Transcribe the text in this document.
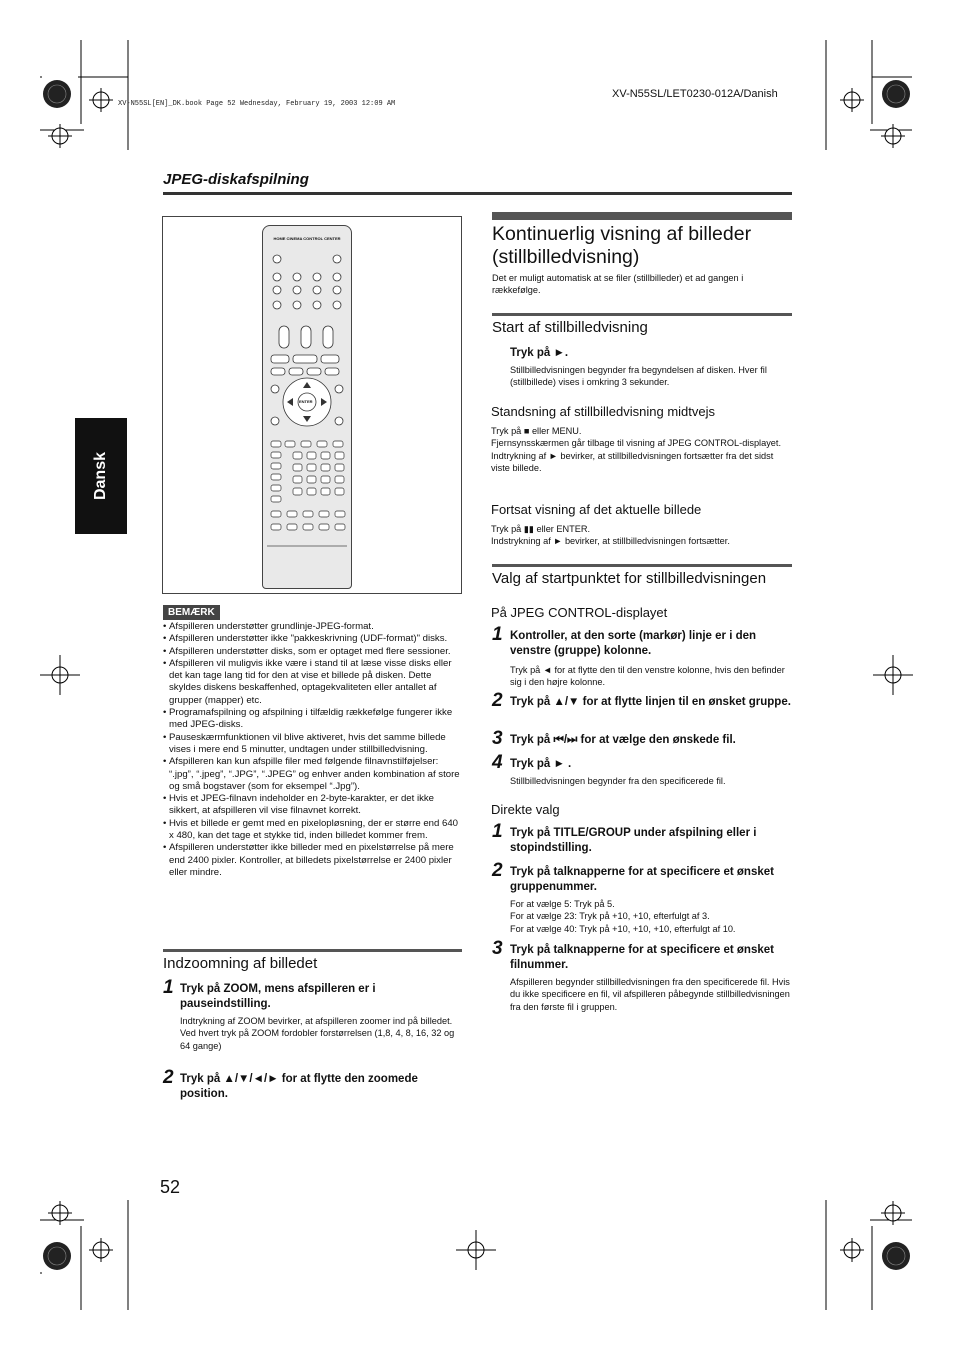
XV-N55SL/LET0230-012A/Danish
XV-N55SL[EN]_DK.book Page 52 Wednesday, February 19, 2003 12:09 AM
JPEG-diskafspilning
Dansk
HOME CINEMA CONTROL CENTER
ENTER
BEMÆRK
• Afspilleren understøtter grundlinje-JPEG-format.
• Afspilleren understøtter ikke "pakkeskrivning (UDF-format)" disks.
• Afspilleren understøtter disks, som er optaget med flere sessioner.
• Afspilleren vil muligvis ikke være i stand til at læse visse disks eller det kan tage lang tid for den at vise et billede på disken. Dette skyldes diskens beskaffenhed, optagekvaliteten eller antallet af grupper (mapper) etc.
• Programafspilning og afspilning i tilfældig rækkefølge fungerer ikke med JPEG-disks.
• Pauseskærmfunktionen vil blive aktiveret, hvis det samme billede vises i mere end 5 minutter, undtagen under stillbilledvisning.
• Afspilleren kan kun afspille filer med følgende filnavnstilføjelser: “.jpg”, “.jpeg”, “.JPG”, “.JPEG” og enhver anden kombination af store og små bogstaver (som for eksempel “.Jpg”).
• Hvis et JPEG-filnavn indeholder en 2-byte-karakter, er det ikke sikkert, at afspilleren vil vise filnavnet korrekt.
• Hvis et billede er gemt med en pixelopløsning, der er større end 640 x 480, kan det tage et stykke tid, inden billedet kommer frem.
• Afspilleren understøtter ikke billeder med en pixelstørrelse på mere end 2400 pixler. Kontroller, at billedets pixelstørrelse er 2400 pixler eller mindre.
Indzoomning af billedet
1 Tryk på ZOOM, mens afspilleren er i pauseindstilling.
Indtrykning af ZOOM bevirker, at afspilleren zoomer ind på billedet.
Ved hvert tryk på ZOOM fordobler forstørrelsen (1,8, 4, 8, 16, 32 og 64 gange)
2 Tryk på ▲/▼/◄/► for at flytte den zoomede position.
Kontinuerlig visning af billeder (stillbilledvisning)
Det er muligt automatisk at se filer (stillbilleder) et ad gangen i rækkefølge.
Start af stillbilledvisning
Tryk på ►.
Stillbilledvisningen begynder fra begyndelsen af disken. Hver fil (stillbillede) vises i omkring 3 sekunder.
Standsning af stillbilledvisning midtvejs
Tryk på ■ eller MENU.
Fjernsynsskærmen går tilbage til visning af JPEG CONTROL-displayet.
Indtrykning af ► bevirker, at stillbilledvisningen fortsætter fra det sidst viste billede.
Fortsat visning af det aktuelle billede
Tryk på ▮▮ eller ENTER.
Indstrykning af ► bevirker, at stillbilledvisningen fortsætter.
Valg af startpunktet for stillbilledvisningen
På JPEG CONTROL-displayet
1 Kontroller, at den sorte (markør) linje er i den venstre (gruppe) kolonne.
Tryk på ◄ for at flytte den til den venstre kolonne, hvis den befinder sig i den højre kolonne.
2 Tryk på ▲/▼ for at flytte linjen til en ønsket gruppe.
3 Tryk på ⏮/⏭ for at vælge den ønskede fil.
4 Tryk på ► .
Stillbilledvisningen begynder fra den specificerede fil.
Direkte valg
1 Tryk på TITLE/GROUP under afspilning eller i stopindstilling.
2 Tryk på talknapperne for at specificere et ønsket gruppenummer.
For at vælge 5: Tryk på 5.
For at vælge 23: Tryk på +10, +10, efterfulgt af 3.
For at vælge 40: Tryk på +10, +10, +10, efterfulgt af 10.
3 Tryk på talknapperne for at specificere et ønsket filnummer.
Afspilleren begynder stillbilledvisningen fra den specificerede fil. Hvis du ikke specificere en fil, vil afspilleren påbegynde stillbilledvisningen fra den første fil i gruppen.
52
